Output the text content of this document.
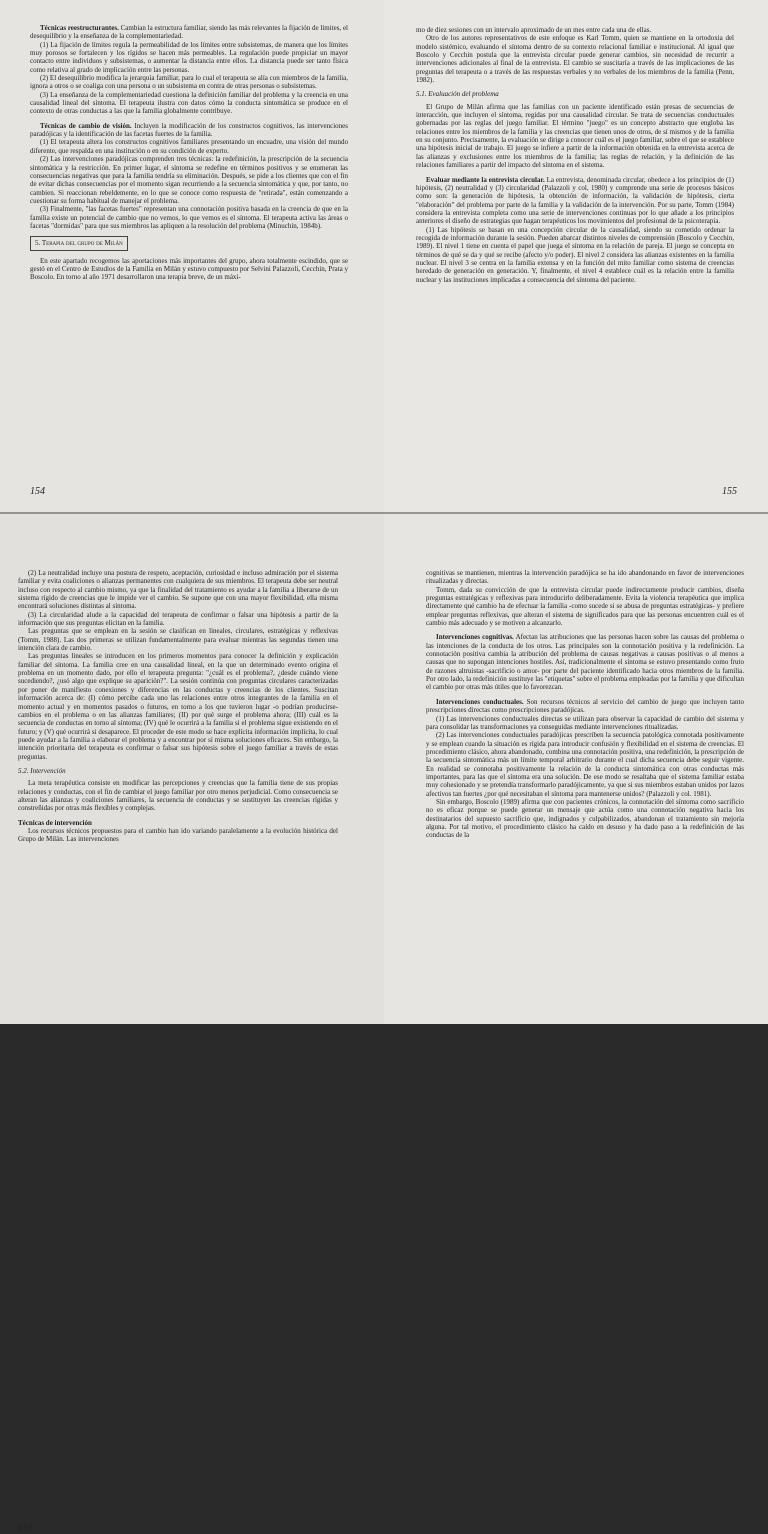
Técnicas reestructurantes. Cambian la estructura familiar, siendo las más relevantes la fijación de límites, el desequilibrio y la enseñanza de la complementariedad.

(1) La fijación de límites regula la permeabilidad de los límites entre subsistemas, de manera que los límites muy porosos se fortalecen y los rígidos se hacen más permeables. La regulación puede propiciar un mayor contacto entre individuos y subsistemas, o aumentar la distancia entre ellos. La distancia puede ser tanto física como relativa al grado de implicación entre las personas.

(2) El desequilibrio modifica la jerarquía familiar, para lo cual el terapeuta se alía con miembros de la familia, ignora a otros o se coaliga con una persona o un subsistema en contra de otras personas o subsistemas.

(3) La enseñanza de la complementariedad cuestiona la definición familiar del problema y la creencia en una causalidad lineal del síntoma. El terapeuta ilustra con datos cómo la conducta sintomática se produce en el contexto de otras conductas a las que la familia globalmente contribuye.

Técnicas de cambio de visión. Incluyen la modificación de los constructos cognitivos, las intervenciones paradójicas y la identificación de las facetas fuertes de la familia.

(1) El terapeuta altera los constructos cognitivos familiares presentando un encuadre, una visión del mundo diferente, que respalda en una institución o en su condición de experto.

(2) Las intervenciones paradójicas comprenden tres técnicas: la redefinición, la prescripción de la secuencia sintomática y la restricción. En primer lugar, el síntoma se redefine en términos positivos y se enumeran las consecuencias negativas que para la familia tendría su eliminación. Después, se pide a los clientes que con el fin de evitar dichas consecuencias por el momento sigan recurriendo a la secuencia sintomática y que, por tanto, no cambien. Si reaccionan rebeldemente, en lo que se conoce como respuesta de "retirada", están comenzando a cuestionar su forma habitual de manejar el problema.

(3) Finalmente, "las facetas fuertes" representan una connotación positiva basada en la creencia de que en la familia existe un potencial de cambio que no vemos, lo que vemos es el síntoma. El terapeuta activa las áreas o facetas "dormidas" para que sus miembros las apliquen a la resolución del problema (Minuchin, 1984b).

5. Terapia del grupo de Milán

En este apartado recogemos las aportaciones más importantes del grupo, ahora totalmente escindido, que se gestó en el Centro de Estudios de la Familia en Milán y estuvo compuesto por Selvini Palazzoli, Cecchin, Prata y Boscolo. En torno al año 1971 desarrollaron una terapia breve, de un máxi-

154

mo de diez sesiones con un intervalo aproximado de un mes entre cada una de ellas.

Otro de los autores representativos de este enfoque es Karl Tomm, quien se mantiene en la ortodoxia del modelo sistémico, evaluando el síntoma dentro de su contexto relacional familiar e institucional. Al igual que Boscolo y Cecchin postula que la entrevista circular puede generar cambios, sin necesidad de recurrir a intervenciones adicionales al final de la entrevista. El cambio se suscitaría a través de las implicaciones de las preguntas del terapeuta o a través de las respuestas verbales y no verbales de los miembros de la familia (Penn, 1982).

5.1. Evaluación del problema

El Grupo de Milán afirma que las familias con un paciente identificado están presas de secuencias de interacción, que incluyen el síntoma, regidas por una causalidad circular. Se trata de secuencias conductuales gobernadas por las reglas del juego familiar. El término "juego" es un concepto abstracto que engloba las relaciones entre los miembros de la familia y las creencias que tienen unos de otros, de sí mismos y de la familia en su conjunto. Precisamente, la evaluación se dirige a conocer cuál es el juego familiar, sobre el que se establece una hipótesis inicial de trabajo. El juego se infiere a partir de la información obtenida en la entrevista acerca de las alianzas y exclusiones entre los miembros de la familia; las reglas de relación, y la definición de las relaciones familiares a partir del impacto del síntoma en el sistema.

Evaluar mediante la entrevista circular. La entrevista, denominada circular, obedece a los principios de (1) hipótesis, (2) neutralidad y (3) circularidad (Palazzoli y col, 1980) y comprende una serie de procesos básicos como son: la generación de hipótesis, la obtención de información, la validación de hipótesis, cierta "elaboración" del problema por parte de la familia y la validación de la intervención. Por su parte, Tomm (1984) considera la entrevista completa como una serie de intervenciones continuas por lo que añade a los principios anteriores el diseño de estrategias que hagan terapéuticos los movimientos del profesional de la psicoterapia.

(1) Las hipótesis se basan en una concepción circular de la causalidad, siendo su cometido ordenar la recogida de información durante la sesión. Pueden abarcar distintos niveles de comprensión (Boscolo y Cecchin, 1989). El nivel 1 tiene en cuenta el papel que juega el síntoma en la relación de pareja. El juego se concepta en términos de qué se da y qué se recibe (afecto y/o poder). El nivel 2 considera las alianzas existentes en la familia nuclear. El nivel 3 se centra en la familia extensa y en la función del mito familiar como sistema de creencias heredado de generación en generación. Y, finalmente, el nivel 4 establece cuál es la relación entre la familia nuclear y las instituciones implicadas a consecuencia del síntoma del paciente.

155

(2) La neutralidad incluye una postura de respeto, aceptación, curiosidad e incluso admiración por el sistema familiar y evita coaliciones o alianzas permanentes con cualquiera de sus miembros. El terapeuta debe ser neutral incluso con respecto al cambio mismo, ya que la finalidad del tratamiento es ayudar a la familia a liberarse de un sistema rígido de creencias que le impide ver el cambio. Se supone que con una mayor flexibilidad, ella misma encontrará soluciones distintas al síntoma.

(3) La circularidad alude a la capacidad del terapeuta de confirmar o falsar una hipótesis a partir de la información que sus preguntas elicitan en la familia.

Las preguntas que se emplean en la sesión se clasifican en lineales, circulares, estratégicas y reflexivas (Tomm, 1988). Las dos primeras se utilizan fundamentalmente para evaluar mientras las segundas tienen una intención clara de cambio.

Las preguntas lineales se introducen en los primeros momentos para conocer la definición y explicación familiar del síntoma. La familia cree en una causalidad lineal, en la que un determinado evento origina el problema en un momento dado, por ello el terapeuta pregunta: "¿cuál es el problema?, ¿desde cuándo viene sucediendo?, ¿usó algo que explique su aparición?". La sesión continúa con preguntas circulares caracterizadas por poner de manifiesto conexiones y diferencias en las conductas y creencias de los clientes. Suscitan información acerca de: (I) cómo percibe cada uno las relaciones entre otros integrantes de la familia en el momento actual y en momentos pasados o futuros, en torno a los que tuvieron lugar -o podrían producirse- cambios en el problema o en las alianzas familiares; (II) por qué surge el problema ahora; (III) cuál es la secuencia de conductas en torno al síntoma; (IV) qué le ocurrirá a la familia si el problema sigue existiendo en el futuro; y (V) qué ocurrirá si desaparece. El proceder de este modo se hace explícita información implícita, lo cual puede ayudar a la familia a elaborar el problema y a encontrar por sí misma soluciones eficaces. Sin embargo, la intención prioritaria del terapeuta es confirmar o falsar sus hipótesis sobre el juego familiar a través de estas preguntas.

5.2. Intervención

La meta terapéutica consiste en modificar las percepciones y creencias que la familia tiene de sus propias relaciones y conductas, con el fin de cambiar el juego familiar por otro menos perjudicial. Como consecuencia se alteran las alianzas y coaliciones familiares, la secuencia de conductas y se sustituyen las creencias rígidas y constreñidas por otras más flexibles y complejas.

Técnicas de intervención

Los recursos técnicos propuestos para el cambio han ido variando paralelamente a la evolución histórica del Grupo de Milán. Las intervenciones

156

cognitivas se mantienen, mientras la intervención paradójica se ha ido abandonando en favor de intervenciones ritualizadas y directas.

Tomm, dada su convicción de que la entrevista circular puede indirectamente producir cambios, diseña preguntas estratégicas y reflexivas para introducirlo deliberadamente. Evita la violencia terapéutica que implica directamente qué cambio ha de efectuar la familia -como sucede si se abusa de preguntas estratégicas- y prefiere emplear preguntas reflexivas, que alteran el sistema de significados para que las personas encuentren cuál es el cambio más adecuado y se motiven a alcanzarlo.

Intervenciones cognitivas. Afectan las atribuciones que las personas hacen sobre las causas del problema o las intenciones de la conducta de los otros. Las principales son la connotación positiva y la redefinición. La connotación positiva cambia la atribución del problema de causas negativas a causas positivas o al menos a causas que no supongan intenciones hostiles. Así, tradicionalmente el síntoma se estuvo presentando como fruto de razones altruistas -sacrificio o amor- por parte del paciente identificado hacia otros miembros de la familia. Por otro lado, la redefinición sustituye las "etiquetas" sobre el problema empleadas por la familia y que dificultan el cambio por otras más útiles que lo favorezcan.

Intervenciones conductuales. Son recursos técnicos al servicio del cambio de juego que incluyen tanto prescripciones directas como prescripciones paradójicas.

(1) Las intervenciones conductuales directas se utilizan para observar la capacidad de cambio del sistema y para consolidar las transformaciones ya conseguidas mediante intervenciones ritualizadas.

(2) Las intervenciones conductuales paradójicas prescriben la secuencia patológica connotada positivamente y se emplean cuando la situación es rígida para introducir confusión y flexibilidad en el sistema de creencias. El procedimiento clásico, ahora abandonado, combina una connotación positiva, una redefinición, la prescripción de la secuencia sintomática más un límite temporal arbitrario durante el cual dicha secuencia debe seguir vigente. En realidad se connotaba positivamente la relación de la conducta sintomática con otras conductas más importantes, para las que el síntoma era una solución. De ese modo se resaltaba que el sistema familiar estaba muy cohesionado y se pretendía transformarlo paradójicamente, ya que si sus miembros estaban unidos por lazos afectivos tan fuertes ¿por qué necesitaban el síntoma para mantenerse unidos? (Palazzoli y col. 1981).

Sin embargo, Boscolo (1989) afirma que con pacientes crónicos, la connotación del síntoma como sacrificio no es eficaz porque se puede generar un mensaje que actúa como una connotación negativa hacia los destinatarios del supuesto sacrificio que, indignados y culpabilizados, abandonan el tratamiento sin mejoría alguna. Por tal motivo, el procedimiento clásico ha caído en desuso y ha dado paso a la redefinición de las conductas de la
